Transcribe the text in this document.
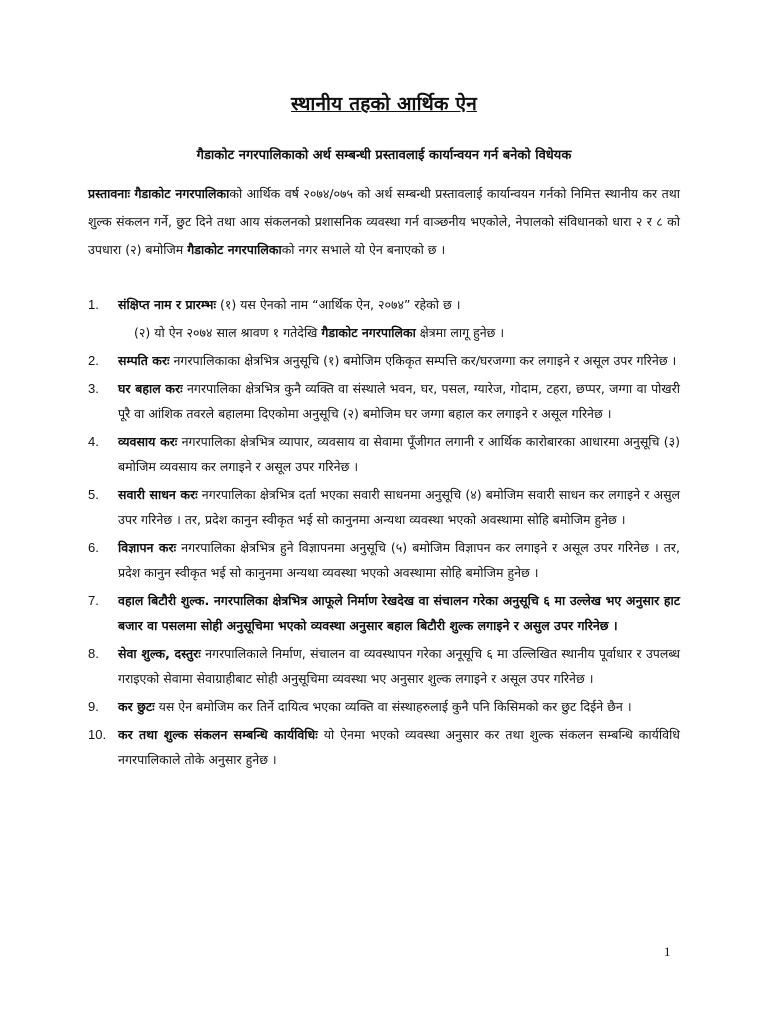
स्थानीय तहको आर्थिक ऐन
गैडाकोट नगरपालिकाको अर्थ सम्बन्धी प्रस्तावलाई कार्यान्वयन गर्न बनेको विधेयक
प्रस्तावनाः गैडाकोट नगरपालिकाको आर्थिक वर्ष २०७४/०७५ को अर्थ सम्बन्धी प्रस्तावलाई कार्यान्वयन गर्नको निमित्त स्थानीय कर तथा शुल्क संकलन गर्ने, छुट दिने तथा आय संकलनको प्रशासनिक व्यवस्था गर्न वाञ्छनीय भएकोले, नेपालको संविधानको धारा २ र ८ को उपधारा (२) बमोजिम गैडाकोट नगरपालिकाको नगर सभाले यो ऐन बनाएको छ ।
1. संक्षिप्त नाम र प्रारम्भः (१) यस ऐनको नाम “आर्थिक ऐन, २०७४” रहेको छ ।
(२) यो ऐन २०७४ साल श्रावण १ गतेदेखि गैडाकोट नगरपालिका क्षेत्रमा लागू हुनेछ ।
2. सम्पति करः नगरपालिकाका क्षेत्रभित्र अनुसूचि (१) बमोजिम एकिकृत सम्पत्ति कर/घरजग्गा कर लगाइने र असूल उपर गरिनेछ ।
3. घर बहाल करः नगरपालिका क्षेत्रभित्र कुनै व्यक्ति वा संस्थाले भवन, घर, पसल, ग्यारेज, गोदाम, टहरा, छप्पर, जग्गा वा पोखरी पूरै वा आंशिक तवरले बहालमा दिएकोमा अनुसूचि (२) बमोजिम घर जग्गा बहाल कर लगाइने र असूल गरिनेछ ।
4. व्यवसाय करः नगरपालिका क्षेत्रभित्र व्यापार, व्यवसाय वा सेवामा पूँजीगत लगानी र आर्थिक कारोबारका आधारमा अनुसूचि (३) बमोजिम व्यवसाय कर लगाइने र असूल उपर गरिनेछ ।
5. सवारी साधन करः नगरपालिका क्षेत्रभित्र दर्ता भएका सवारी साधनमा अनुसूचि (४) बमोजिम सवारी साधन कर लगाइने र असुल उपर गरिनेछ । तर, प्रदेश कानुन स्वीकृत भई सो कानुनमा अन्यथा व्यवस्था भएको अवस्थामा सोहि बमोजिम हुनेछ ।
6. विज्ञापन करः नगरपालिका क्षेत्रभित्र हुने विज्ञापनमा अनुसूचि (५) बमोजिम विज्ञापन कर लगाइने र असूल उपर गरिनेछ । तर, प्रदेश कानुन स्वीकृत भई सो कानुनमा अन्यथा व्यवस्था भएको अवस्थामा सोहि बमोजिम हुनेछ ।
7. वहाल बिटौरी शुल्क. नगरपालिका क्षेत्रभित्र आफूले निर्माण रेखदेख वा संचालन गरेका अनुसूचि ६ मा उल्लेख भए अनुसार हाट बजार वा पसलमा सोही अनुसूचिमा भएको व्यवस्था अनुसार बहाल बिटौरी शुल्क लगाइने र असुल उपर गरिनेछ ।
8. सेवा शुल्क, दस्तुरः नगरपालिकाले निर्माण, संचालन वा व्यवस्थापन गरेका अनूसूचि ६ मा उल्लिखित स्थानीय पूर्वाधार र उपलब्ध गराइएको सेवामा सेवाग्राहीबाट सोही अनुसूचिमा व्यवस्था भए अनुसार शुल्क लगाइने र असूल उपर गरिनेछ ।
9. कर छुटः यस ऐन बमोजिम कर तिर्ने दायित्व भएका व्यक्ति वा संस्थाहरुलाई कुनै पनि किसिमको कर छुट दिईने छैन ।
10. कर तथा शुल्क संकलन सम्बन्धि कार्यविधिः यो ऐनमा भएको व्यवस्था अनुसार कर तथा शुल्क संकलन सम्बन्धि कार्यविधि नगरपालिकाले तोके अनुसार हुनेछ ।
1
